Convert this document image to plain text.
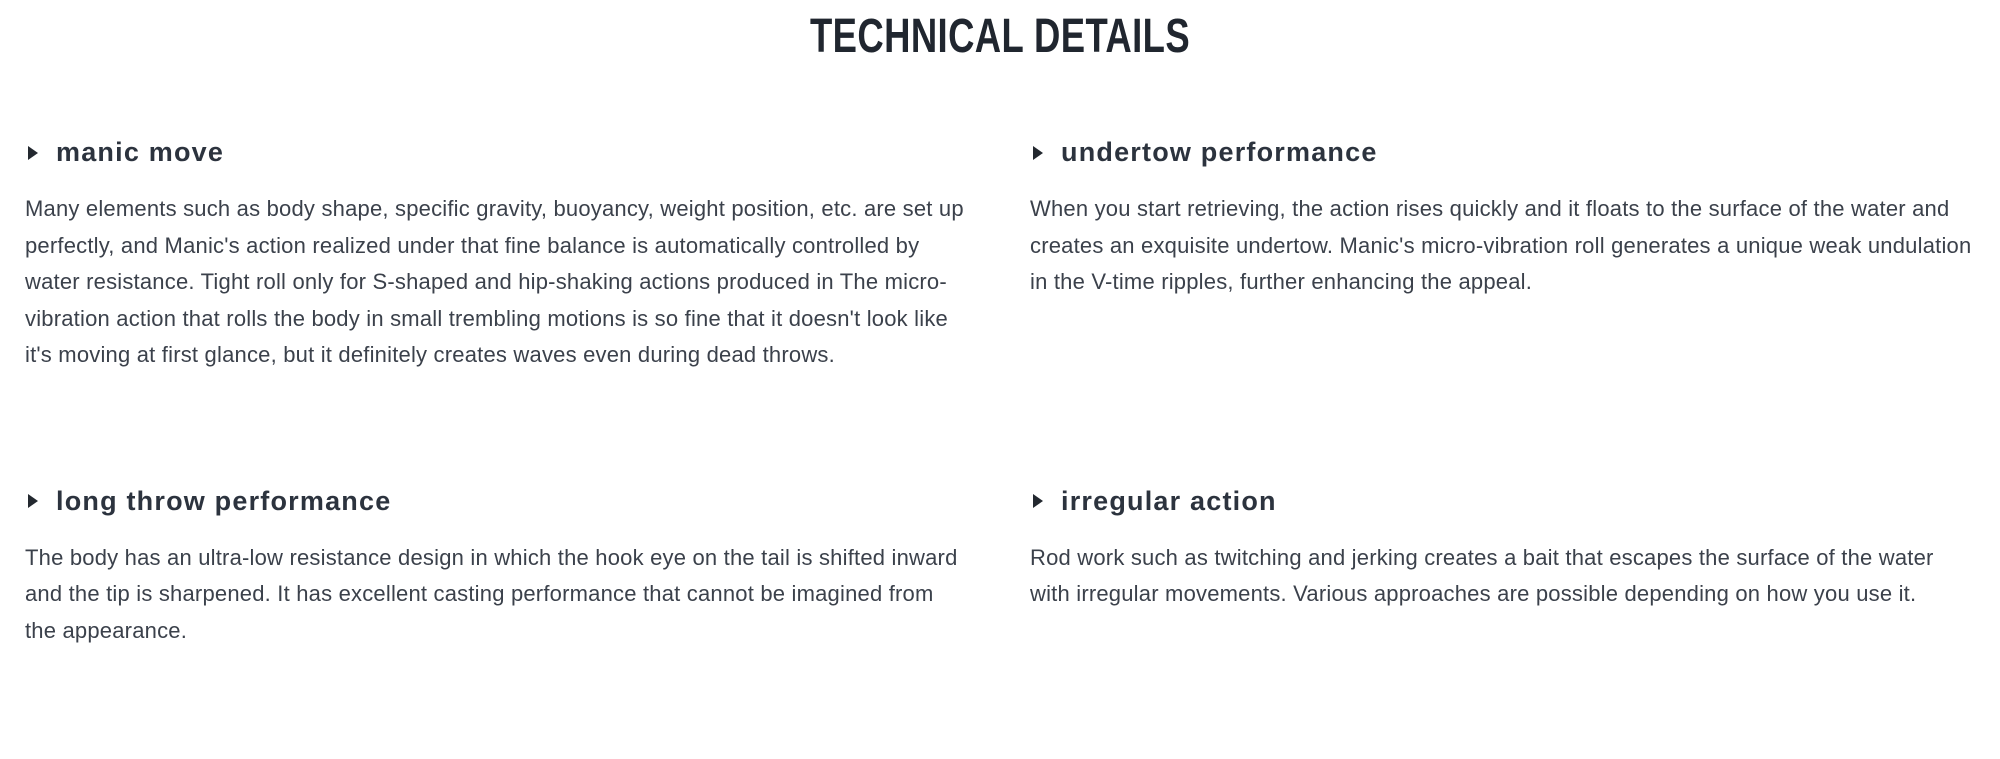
TECHNICAL DETAILS
manic move

Many elements such as body shape, specific gravity, buoyancy, weight position, etc. are set up perfectly, and Manic's action realized under that fine balance is automatically controlled by water resistance. Tight roll only for S-shaped and hip-shaking actions produced in The micro-vibration action that rolls the body in small trembling motions is so fine that it doesn't look like it's moving at first glance, but it definitely creates waves even during dead throws.

undertow performance

When you start retrieving, the action rises quickly and it floats to the surface of the water and creates an exquisite undertow. Manic's micro-vibration roll generates a unique weak undulation in the V-time ripples, further enhancing the appeal.

long throw performance

The body has an ultra-low resistance design in which the hook eye on the tail is shifted inward and the tip is sharpened. It has excellent casting performance that cannot be imagined from the appearance.

irregular action

Rod work such as twitching and jerking creates a bait that escapes the surface of the water with irregular movements. Various approaches are possible depending on how you use it.
